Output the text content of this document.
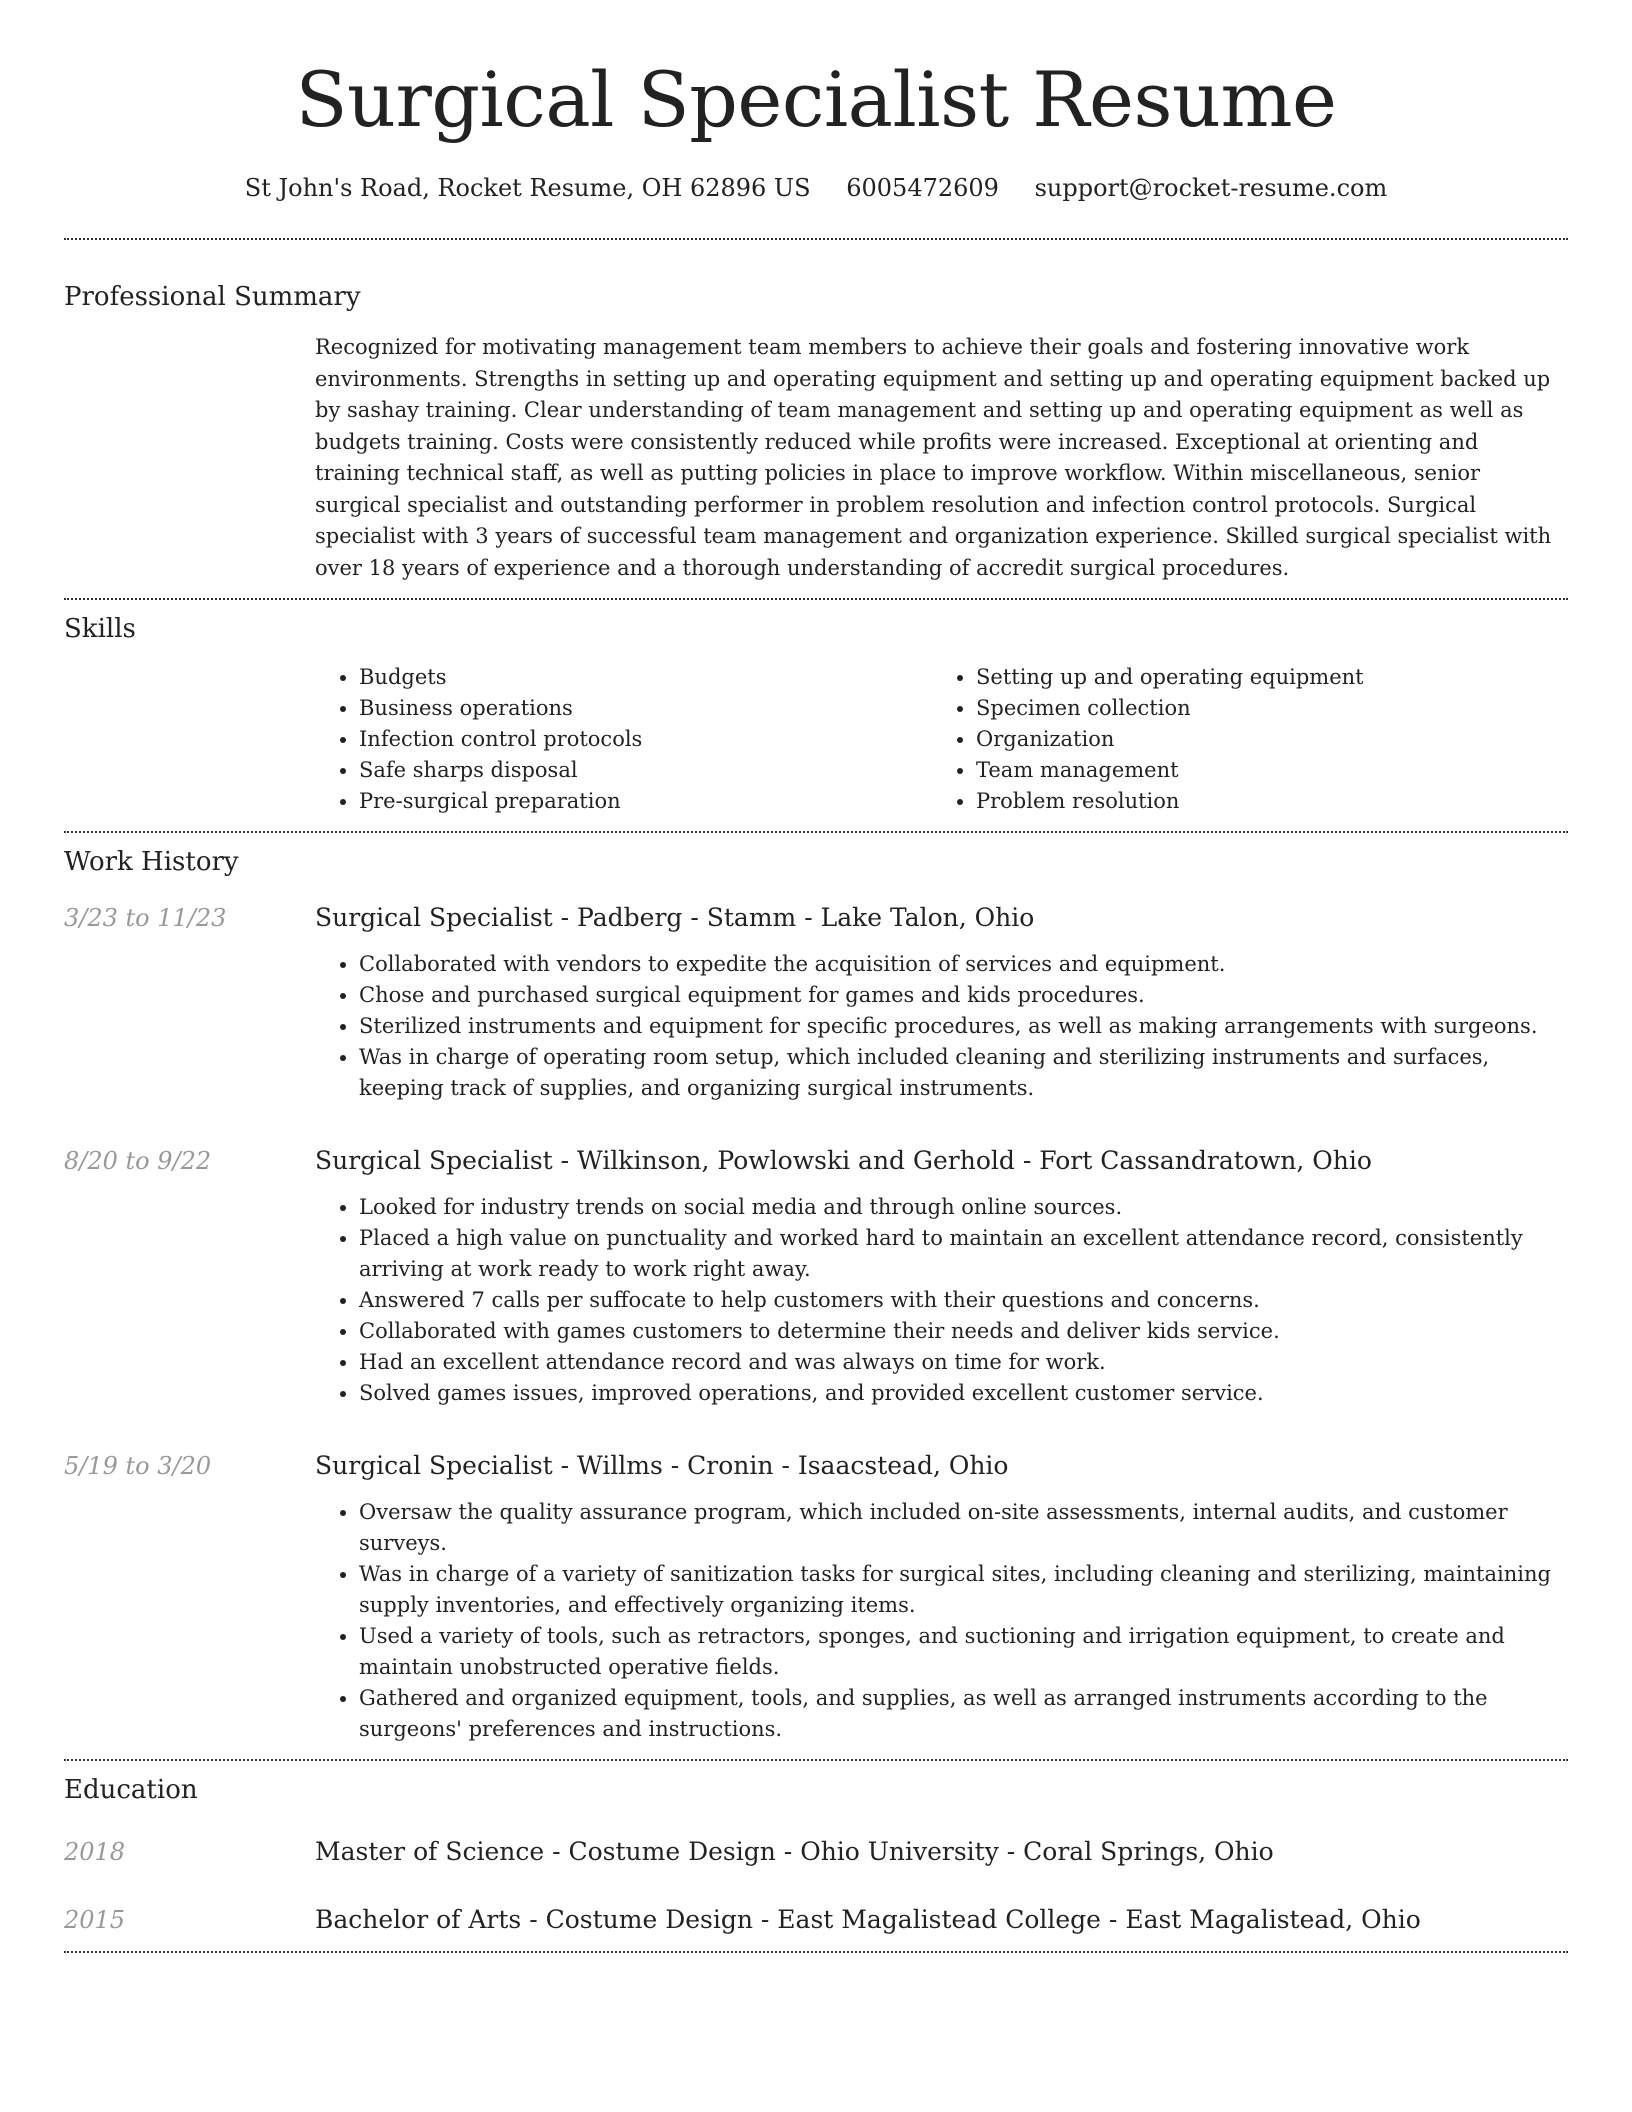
Surgical Specialist Resume
St John's Road, Rocket Resume, OH 62896 US 6005472609 support@rocket-resume.com
Professional Summary
Recognized for motivating management team members to achieve their goals and fostering innovative work environments. Strengths in setting up and operating equipment and setting up and operating equipment backed up by sashay training. Clear understanding of team management and setting up and operating equipment as well as budgets training. Costs were consistently reduced while profits were increased. Exceptional at orienting and training technical staff, as well as putting policies in place to improve workflow. Within miscellaneous, senior surgical specialist and outstanding performer in problem resolution and infection control protocols. Surgical specialist with 3 years of successful team management and organization experience. Skilled surgical specialist with over 18 years of experience and a thorough understanding of accredit surgical procedures.
Skills
• Budgets
• Business operations
• Infection control protocols
• Safe sharps disposal
• Pre-surgical preparation
• Setting up and operating equipment
• Specimen collection
• Organization
• Team management
• Problem resolution
Work History
3/23 to 11/23	Surgical Specialist - Padberg - Stamm - Lake Talon, Ohio
• Collaborated with vendors to expedite the acquisition of services and equipment.
• Chose and purchased surgical equipment for games and kids procedures.
• Sterilized instruments and equipment for specific procedures, as well as making arrangements with surgeons.
• Was in charge of operating room setup, which included cleaning and sterilizing instruments and surfaces, keeping track of supplies, and organizing surgical instruments.
8/20 to 9/22	Surgical Specialist - Wilkinson, Powlowski and Gerhold - Fort Cassandratown, Ohio
• Looked for industry trends on social media and through online sources.
• Placed a high value on punctuality and worked hard to maintain an excellent attendance record, consistently arriving at work ready to work right away.
• Answered 7 calls per suffocate to help customers with their questions and concerns.
• Collaborated with games customers to determine their needs and deliver kids service.
• Had an excellent attendance record and was always on time for work.
• Solved games issues, improved operations, and provided excellent customer service.
5/19 to 3/20	Surgical Specialist - Willms - Cronin - Isaacstead, Ohio
• Oversaw the quality assurance program, which included on-site assessments, internal audits, and customer surveys.
• Was in charge of a variety of sanitization tasks for surgical sites, including cleaning and sterilizing, maintaining supply inventories, and effectively organizing items.
• Used a variety of tools, such as retractors, sponges, and suctioning and irrigation equipment, to create and maintain unobstructed operative fields.
• Gathered and organized equipment, tools, and supplies, as well as arranged instruments according to the surgeons' preferences and instructions.
Education
2018	Master of Science - Costume Design - Ohio University - Coral Springs, Ohio
2015	Bachelor of Arts - Costume Design - East Magalistead College - East Magalistead, Ohio
